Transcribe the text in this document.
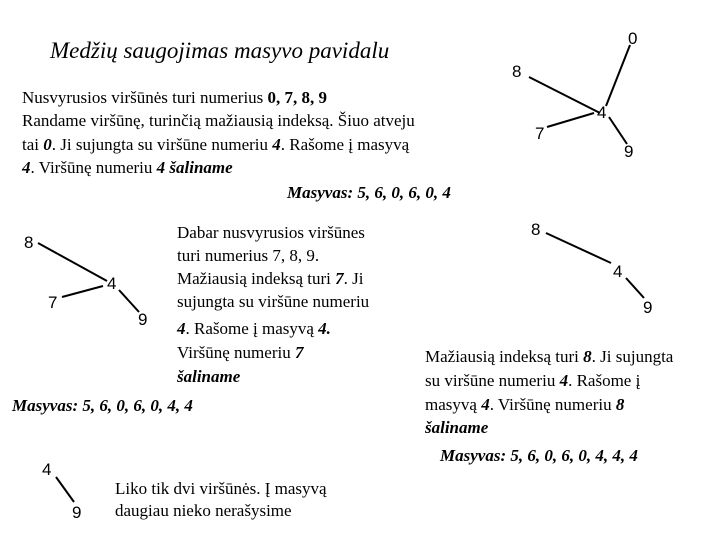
Medžių saugojimas masyvo pavidalu
Nusvyrusios viršūnės turi numerius 0, 7, 8, 9
Randame viršūnę, turinčią mažiausią indeksą. Šiuo atveju
tai 0. Ji sujungta su viršūne numeriu 4. Rašome į masyvą
4. Viršūnę numeriu 4 šaliname
Masyvas: 5, 6, 0, 6, 0, 4
Dabar nusvyrusios viršūnes
turi numerius 7, 8, 9.
Mažiausią indeksą turi 7. Ji
sujungta su viršūne numeriu
4. Rašome į masyvą 4.
Viršūnę numeriu 7
šaliname
Masyvas: 5, 6, 0, 6, 0, 4, 4
Mažiausią indeksą turi 8. Ji sujungta
su viršūne numeriu 4. Rašome į
masyvą 4. Viršūnę numeriu 8
šaliname
Masyvas: 5, 6, 0, 6, 0, 4, 4, 4
Liko tik dvi viršūnės. Į masyvą
daugiau nieko nerašysime
0
8
4
7
9
8
4
7
9
8
4
9
4
9
